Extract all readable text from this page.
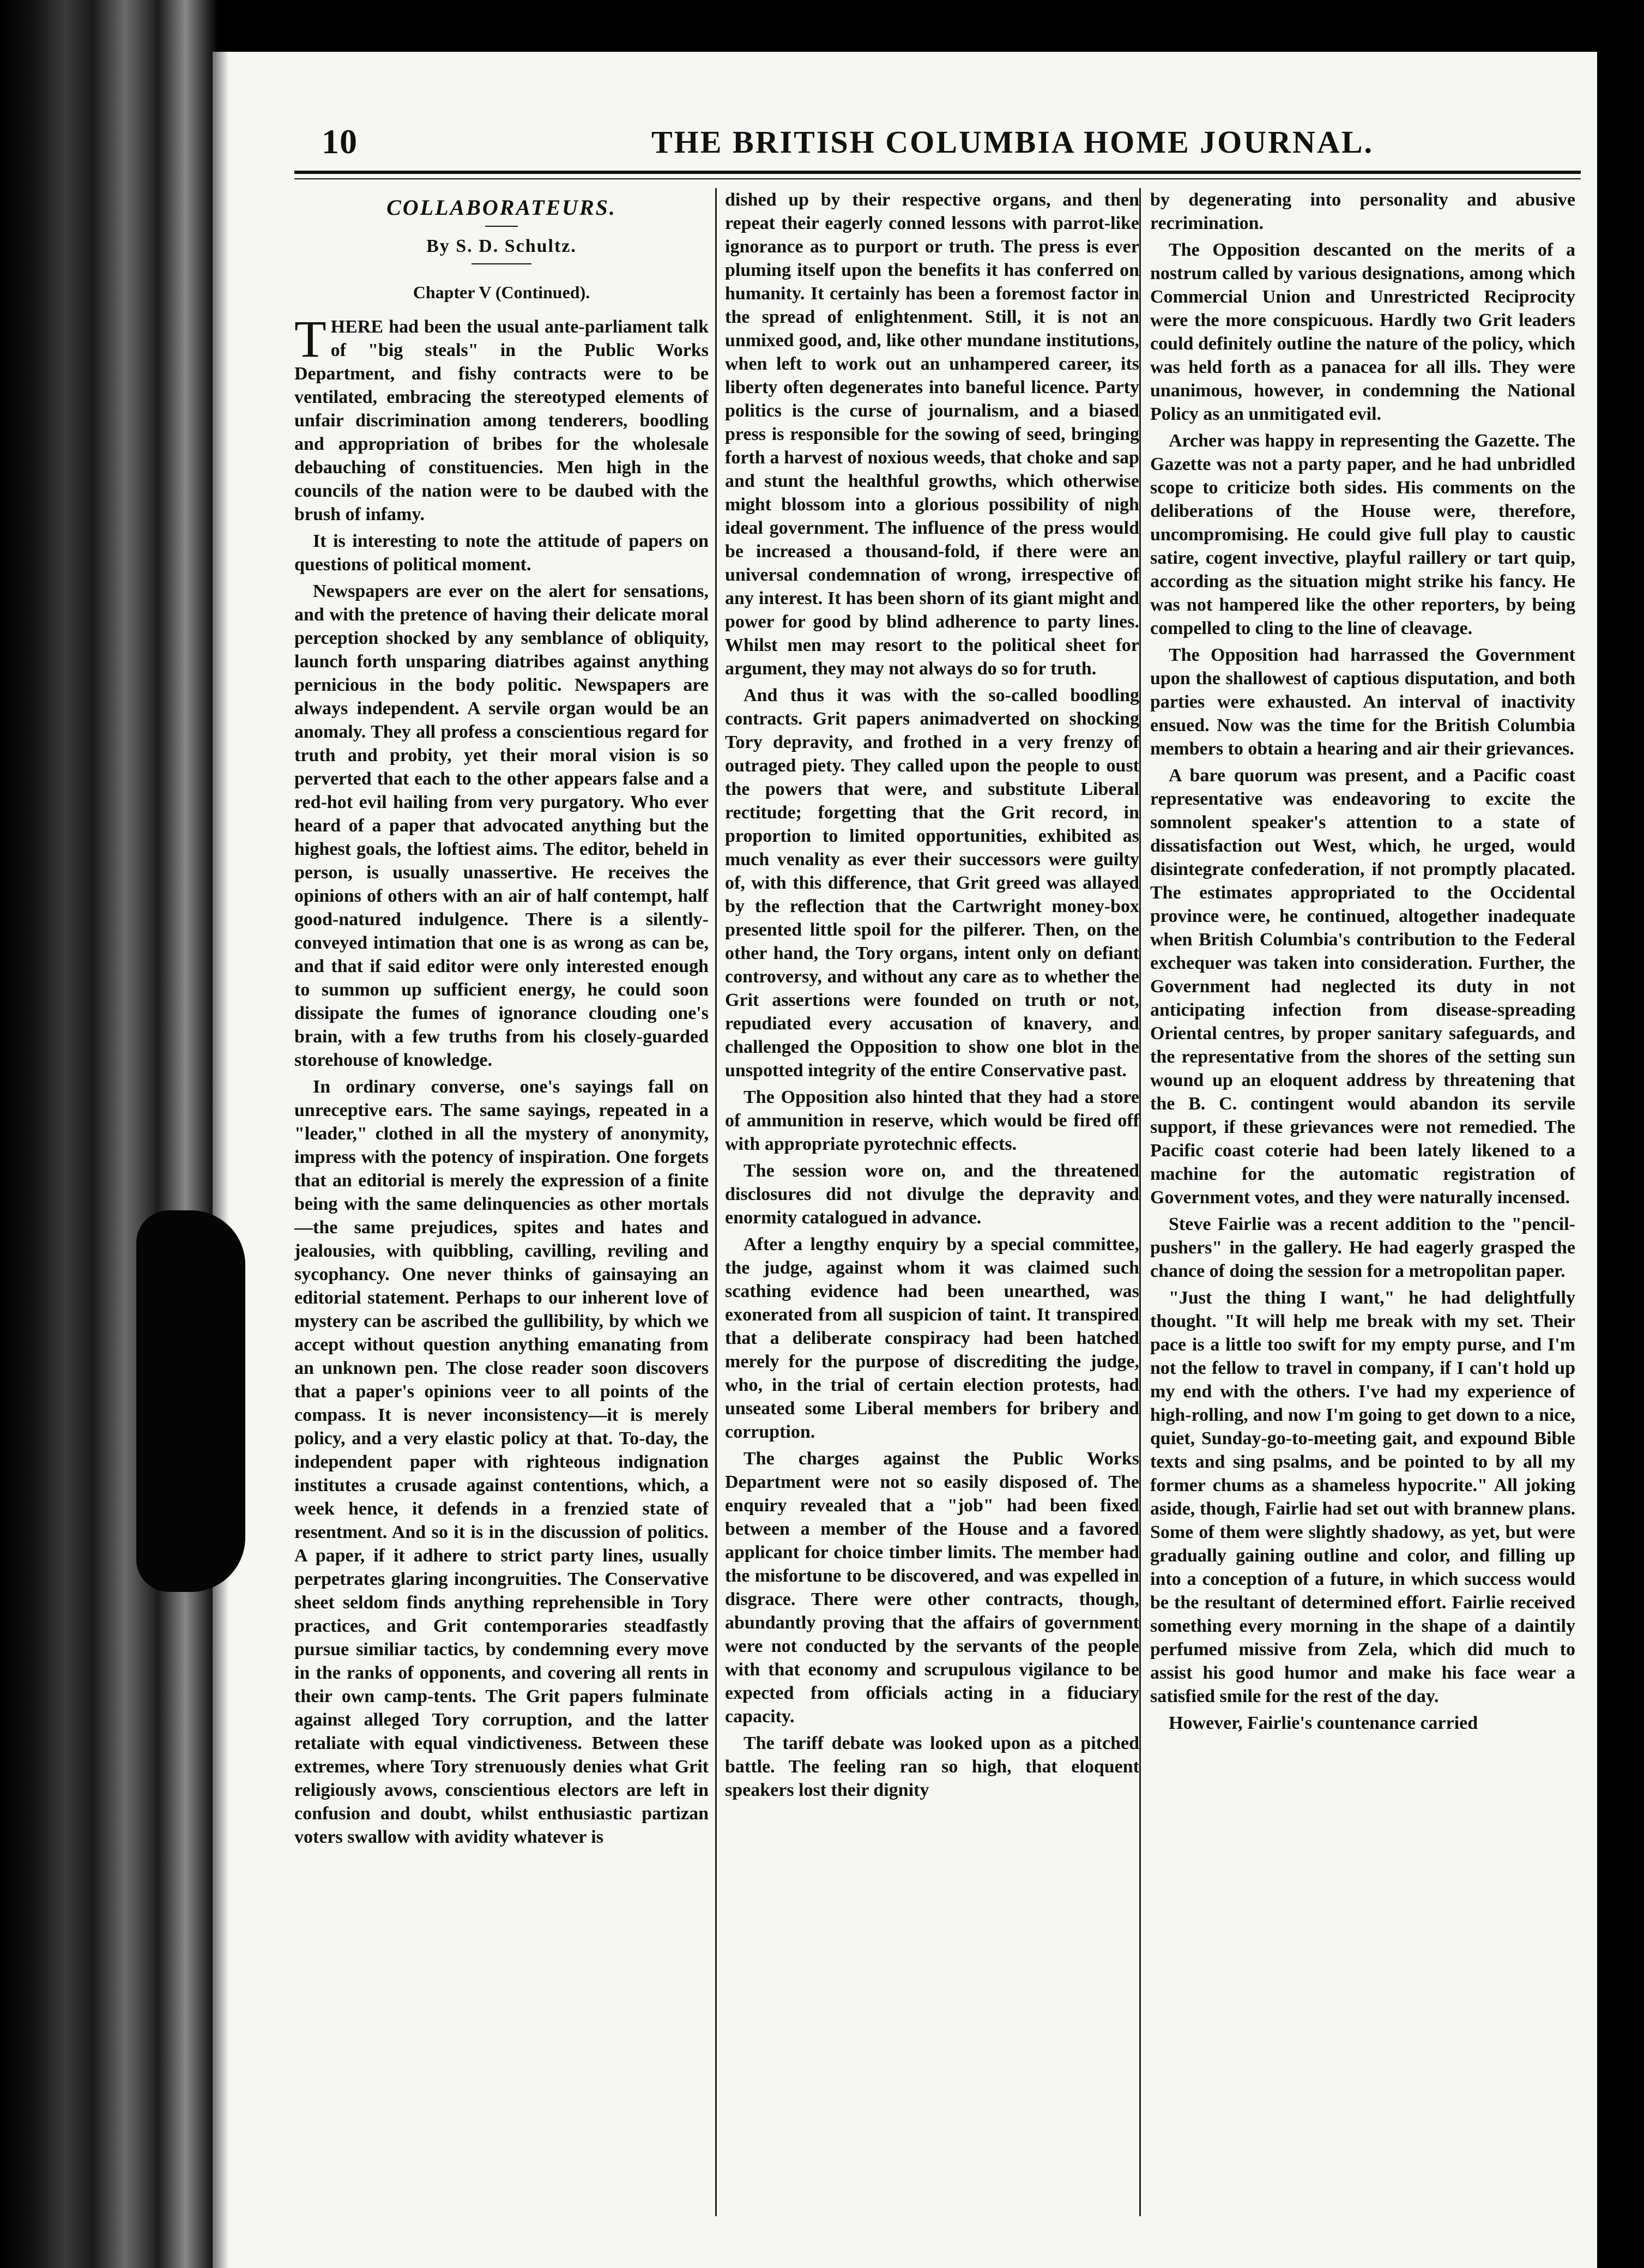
10	THE BRITISH COLUMBIA HOME JOURNAL.
COLLABORATEURS.
By S. D. Schultz.
Chapter V (Continued).

THERE had been the usual ante-parliament talk of "big steals" in the Public Works Department, and fishy contracts were to be ventilated, embracing the stereotyped elements of unfair discrimination among tenderers, boodling and appropriation of bribes for the wholesale debauching of constituencies. Men high in the councils of the nation were to be daubed with the brush of infamy.

It is interesting to note the attitude of papers on questions of political moment.

Newspapers are ever on the alert for sensations, and with the pretence of having their delicate moral perception shocked by any semblance of obliquity, launch forth unsparing diatribes against anything pernicious in the body politic. Newspapers are always independent. A servile organ would be an anomaly. They all profess a conscientious regard for truth and probity, yet their moral vision is so perverted that each to the other appears false and a red-hot evil hailing from very purgatory. Who ever heard of a paper that advocated anything but the highest goals, the loftiest aims. The editor, beheld in person, is usually unassertive. He receives the opinions of others with an air of half contempt, half good-natured indulgence. There is a silently-conveyed intimation that one is as wrong as can be, and that if said editor were only interested enough to summon up sufficient energy, he could soon dissipate the fumes of ignorance clouding one's brain, with a few truths from his closely-guarded storehouse of knowledge.

In ordinary converse, one's sayings fall on unreceptive ears. The same sayings, repeated in a "leader," clothed in all the mystery of anonymity, impress with the potency of inspiration. One forgets that an editorial is merely the expression of a finite being with the same delinquencies as other mortals—the same prejudices, spites and hates and jealousies, with quibbling, cavilling, reviling and sycophancy. One never thinks of gainsaying an editorial statement. Perhaps to our inherent love of mystery can be ascribed the gullibility, by which we accept without question anything emanating from an unknown pen. The close reader soon discovers that a paper's opinions veer to all points of the compass. It is never inconsistency—it is merely policy, and a very elastic policy at that. To-day, the independent paper with righteous indignation institutes a crusade against contentions, which, a week hence, it defends in a frenzied state of resentment. And so it is in the discussion of politics. A paper, if it adhere to strict party lines, usually perpetrates glaring incongruities. The Conservative sheet seldom finds anything reprehensible in Tory practices, and Grit contemporaries steadfastly pursue similiar tactics, by condemning every move in the ranks of opponents, and covering all rents in their own camp-tents. The Grit papers fulminate against alleged Tory corruption, and the latter retaliate with equal vindictiveness. Between these extremes, where Tory strenuously denies what Grit religiously avows, conscientious electors are left in confusion and doubt, whilst enthusiastic partizan voters swallow with avidity whatever is

dished up by their respective organs, and then repeat their eagerly conned lessons with parrot-like ignorance as to purport or truth. The press is ever pluming itself upon the benefits it has conferred on humanity. It certainly has been a foremost factor in the spread of enlightenment. Still, it is not an unmixed good, and, like other mundane institutions, when left to work out an unhampered career, its liberty often degenerates into baneful licence. Party politics is the curse of journalism, and a biased press is responsible for the sowing of seed, bringing forth a harvest of noxious weeds, that choke and sap and stunt the healthful growths, which otherwise might blossom into a glorious possibility of nigh ideal government. The influence of the press would be increased a thousand-fold, if there were an universal condemnation of wrong, irrespective of any interest. It has been shorn of its giant might and power for good by blind adherence to party lines. Whilst men may resort to the political sheet for argument, they may not always do so for truth.

And thus it was with the so-called boodling contracts. Grit papers animadverted on shocking Tory depravity, and frothed in a very frenzy of outraged piety. They called upon the people to oust the powers that were, and substitute Liberal rectitude; forgetting that the Grit record, in proportion to limited opportunities, exhibited as much venality as ever their successors were guilty of, with this difference, that Grit greed was allayed by the reflection that the Cartwright money-box presented little spoil for the pilferer. Then, on the other hand, the Tory organs, intent only on defiant controversy, and without any care as to whether the Grit assertions were founded on truth or not, repudiated every accusation of knavery, and challenged the Opposition to show one blot in the unspotted integrity of the entire Conservative past.

The Opposition also hinted that they had a store of ammunition in reserve, which would be fired off with appropriate pyrotechnic effects.

The session wore on, and the threatened disclosures did not divulge the depravity and enormity catalogued in advance.

After a lengthy enquiry by a special committee, the judge, against whom it was claimed such scathing evidence had been unearthed, was exonerated from all suspicion of taint. It transpired that a deliberate conspiracy had been hatched merely for the purpose of discrediting the judge, who, in the trial of certain election protests, had unseated some Liberal members for bribery and corruption.

The charges against the Public Works Department were not so easily disposed of. The enquiry revealed that a "job" had been fixed between a member of the House and a favored applicant for choice timber limits. The member had the misfortune to be discovered, and was expelled in disgrace. There were other contracts, though, abundantly proving that the affairs of government were not conducted by the servants of the people with that economy and scrupulous vigilance to be expected from officials acting in a fiduciary capacity.

The tariff debate was looked upon as a pitched battle. The feeling ran so high, that eloquent speakers lost their dignity

by degenerating into personality and abusive recrimination.

The Opposition descanted on the merits of a nostrum called by various designations, among which Commercial Union and Unrestricted Reciprocity were the more conspicuous. Hardly two Grit leaders could definitely outline the nature of the policy, which was held forth as a panacea for all ills. They were unanimous, however, in condemning the National Policy as an unmitigated evil.

Archer was happy in representing the Gazette. The Gazette was not a party paper, and he had unbridled scope to criticize both sides. His comments on the deliberations of the House were, therefore, uncompromising. He could give full play to caustic satire, cogent invective, playful raillery or tart quip, according as the situation might strike his fancy. He was not hampered like the other reporters, by being compelled to cling to the line of cleavage.

The Opposition had harrassed the Government upon the shallowest of captious disputation, and both parties were exhausted. An interval of inactivity ensued. Now was the time for the British Columbia members to obtain a hearing and air their grievances.

A bare quorum was present, and a Pacific coast representative was endeavoring to excite the somnolent speaker's attention to a state of dissatisfaction out West, which, he urged, would disintegrate confederation, if not promptly placated. The estimates appropriated to the Occidental province were, he continued, altogether inadequate when British Columbia's contribution to the Federal exchequer was taken into consideration. Further, the Government had neglected its duty in not anticipating infection from disease-spreading Oriental centres, by proper sanitary safeguards, and the representative from the shores of the setting sun wound up an eloquent address by threatening that the B. C. contingent would abandon its servile support, if these grievances were not remedied. The Pacific coast coterie had been lately likened to a machine for the automatic registration of Government votes, and they were naturally incensed.

Steve Fairlie was a recent addition to the "pencil-pushers" in the gallery. He had eagerly grasped the chance of doing the session for a metropolitan paper.

"Just the thing I want," he had delightfully thought. "It will help me break with my set. Their pace is a little too swift for my empty purse, and I'm not the fellow to travel in company, if I can't hold up my end with the others. I've had my experience of high-rolling, and now I'm going to get down to a nice, quiet, Sunday-go-to-meeting gait, and expound Bible texts and sing psalms, and be pointed to by all my former chums as a shameless hypocrite." All joking aside, though, Fairlie had set out with brannew plans. Some of them were slightly shadowy, as yet, but were gradually gaining outline and color, and filling up into a conception of a future, in which success would be the resultant of determined effort. Fairlie received something every morning in the shape of a daintily perfumed missive from Zela, which did much to assist his good humor and make his face wear a satisfied smile for the rest of the day.

However, Fairlie's countenance carried
